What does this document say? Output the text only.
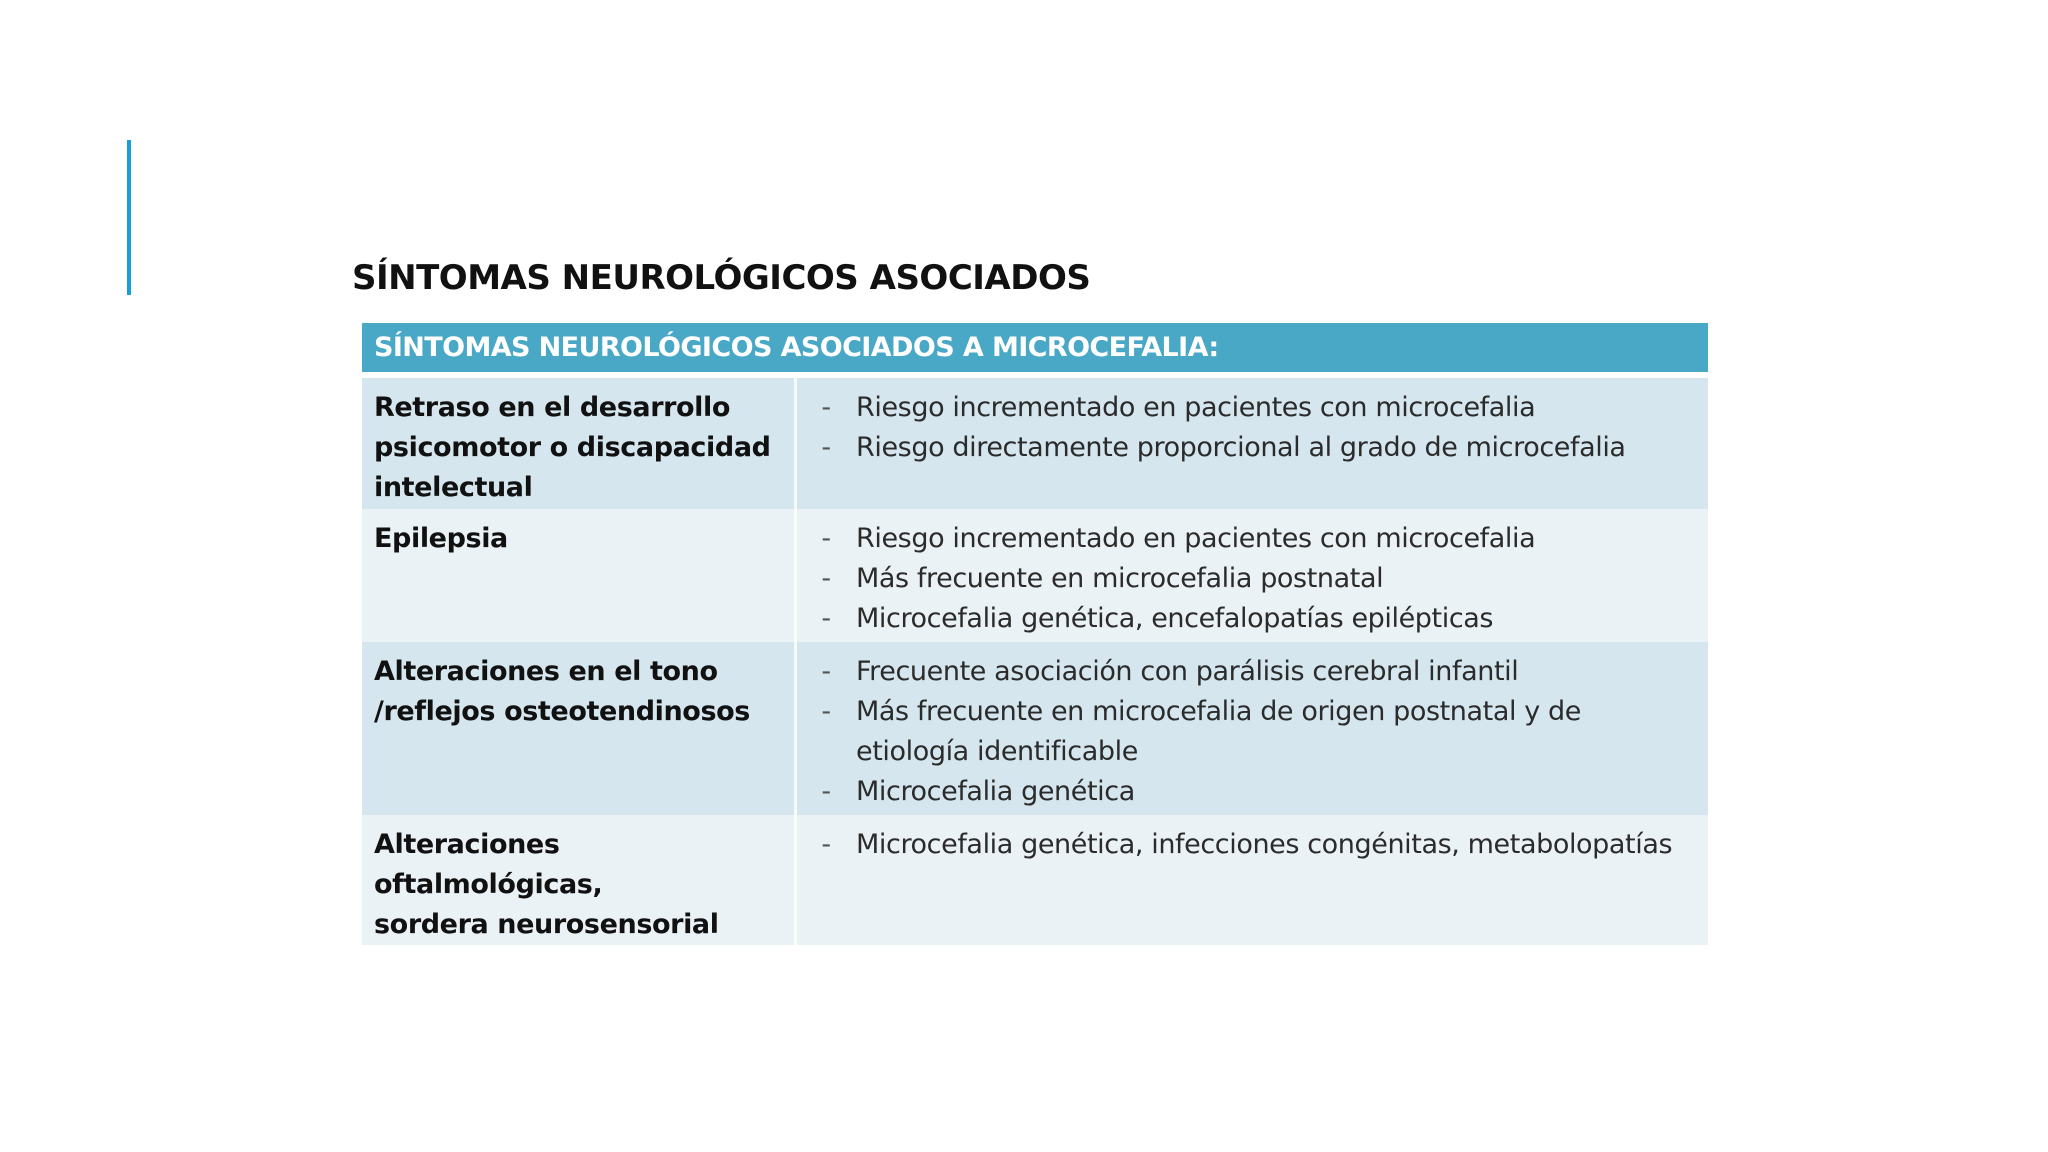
SÍNTOMAS NEUROLÓGICOS ASOCIADOS
SÍNTOMAS NEUROLÓGICOS ASOCIADOS A MICROCEFALIA:
Retraso en el desarrollo
psicomotor o discapacidad
intelectual
- Riesgo incrementado en pacientes con microcefalia
- Riesgo directamente proporcional al grado de microcefalia
Epilepsia	- Riesgo incrementado en pacientes con microcefalia
- Más frecuente en microcefalia postnatal
- Microcefalia genética, encefalopatías epilépticas
Alteraciones en el tono
/reflejos osteotendinosos
- Frecuente asociación con parálisis cerebral infantil
- Más frecuente en microcefalia de origen postnatal y de etiología identificable
- Microcefalia genética
Alteraciones oftalmológicas,
sordera neurosensorial
- Microcefalia genética, infecciones congénitas, metabolopatías
